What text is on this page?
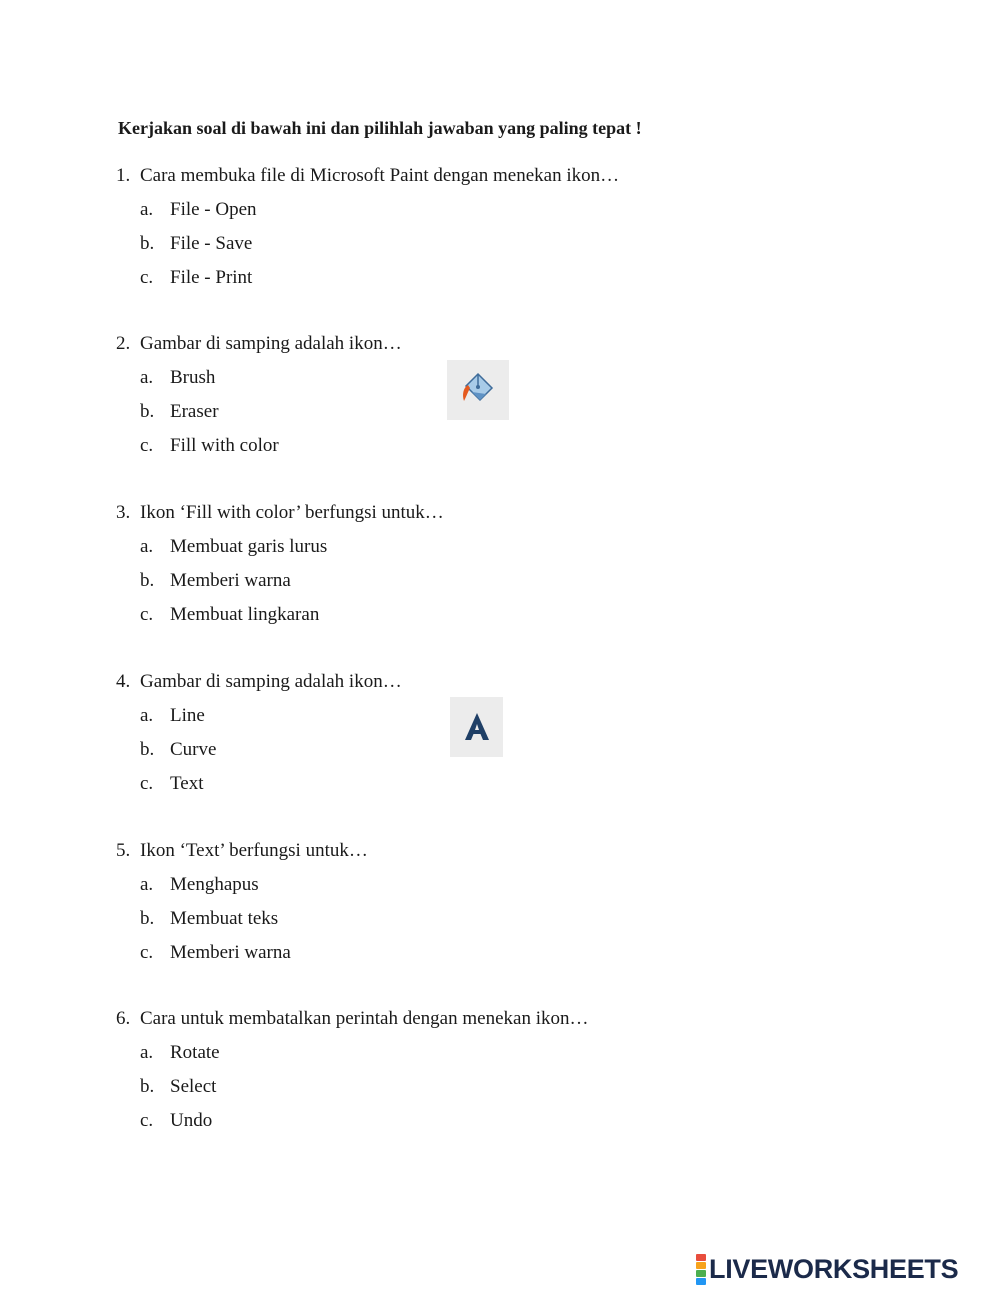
Kerjakan soal di bawah ini dan pilihlah jawaban yang paling tepat !
1. Cara membuka file di Microsoft Paint dengan menekan ikon…
a. File - Open
b. File - Save
c. File - Print
2. Gambar di samping adalah ikon…
a. Brush
b. Eraser
c. Fill with color
3. Ikon ‘Fill with color’ berfungsi untuk…
a. Membuat garis lurus
b. Memberi warna
c. Membuat lingkaran
4. Gambar di samping adalah ikon…
a. Line
b. Curve
c. Text
5. Ikon ‘Text’ berfungsi untuk…
a. Menghapus
b. Membuat teks
c. Memberi warna
6. Cara untuk membatalkan perintah dengan menekan ikon…
a. Rotate
b. Select
c. Undo
LIVEWORKSHEETS
